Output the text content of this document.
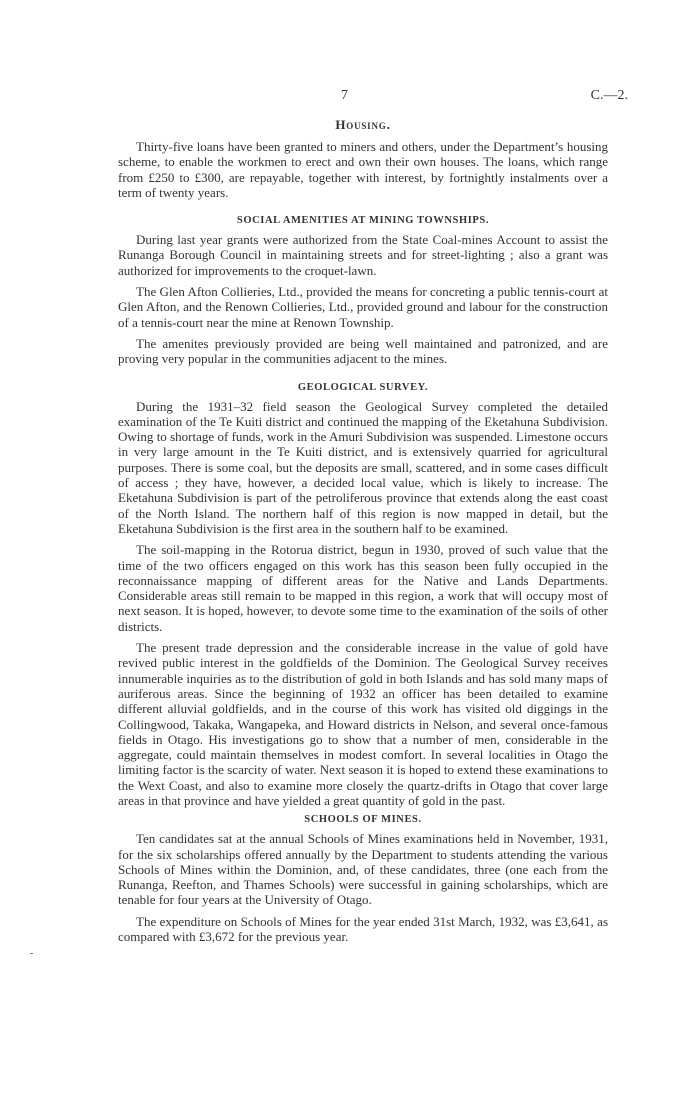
7	C.—2.
Housing.

Thirty-five loans have been granted to miners and others, under the Department’s housing scheme, to enable the workmen to erect and own their own houses. The loans, which range from £250 to £300, are repayable, together with interest, by fortnightly instalments over a term of twenty years.

SOCIAL AMENITIES AT MINING TOWNSHIPS.

During last year grants were authorized from the State Coal-mines Account to assist the Runanga Borough Council in maintaining streets and for street-lighting ; also a grant was authorized for improvements to the croquet-lawn.

The Glen Afton Collieries, Ltd., provided the means for concreting a public tennis-court at Glen Afton, and the Renown Collieries, Ltd., provided ground and labour for the construction of a tennis-court near the mine at Renown Township.

The amenites previously provided are being well maintained and patronized, and are proving very popular in the communities adjacent to the mines.

GEOLOGICAL SURVEY.

During the 1931–32 field season the Geological Survey completed the detailed examination of the Te Kuiti district and continued the mapping of the Eketahuna Subdivision. Owing to shortage of funds, work in the Amuri Subdivision was suspended. Limestone occurs in very large amount in the Te Kuiti district, and is extensively quarried for agricultural purposes. There is some coal, but the deposits are small, scattered, and in some cases difficult of access ; they have, however, a decided local value, which is likely to increase. The Eketahuna Subdivision is part of the petroliferous province that extends along the east coast of the North Island. The northern half of this region is now mapped in detail, but the Eketahuna Subdivision is the first area in the southern half to be examined.

The soil-mapping in the Rotorua district, begun in 1930, proved of such value that the time of the two officers engaged on this work has this season been fully occupied in the reconnaissance mapping of different areas for the Native and Lands Departments. Considerable areas still remain to be mapped in this region, a work that will occupy most of next season. It is hoped, however, to devote some time to the examination of the soils of other districts.

The present trade depression and the considerable increase in the value of gold have revived public interest in the goldfields of the Dominion. The Geological Survey receives innumerable inquiries as to the distribution of gold in both Islands and has sold many maps of auriferous areas. Since the beginning of 1932 an officer has been detailed to examine different alluvial goldfields, and in the course of this work has visited old diggings in the Collingwood, Takaka, Wangapeka, and Howard districts in Nelson, and several once-famous fields in Otago. His investigations go to show that a number of men, considerable in the aggregate, could maintain themselves in modest comfort. In several localities in Otago the limiting factor is the scarcity of water. Next season it is hoped to extend these examinations to the Wext Coast, and also to examine more closely the quartz-drifts in Otago that cover large areas in that province and have yielded a great quantity of gold in the past.

SCHOOLS OF MINES.

Ten candidates sat at the annual Schools of Mines examinations held in November, 1931, for the six scholarships offered annually by the Department to students attending the various Schools of Mines within the Dominion, and, of these candidates, three (one each from the Runanga, Reefton, and Thames Schools) were successful in gaining scholarships, which are tenable for four years at the University of Otago.

The expenditure on Schools of Mines for the year ended 31st March, 1932, was £3,641, as compared with £3,672 for the previous year.
